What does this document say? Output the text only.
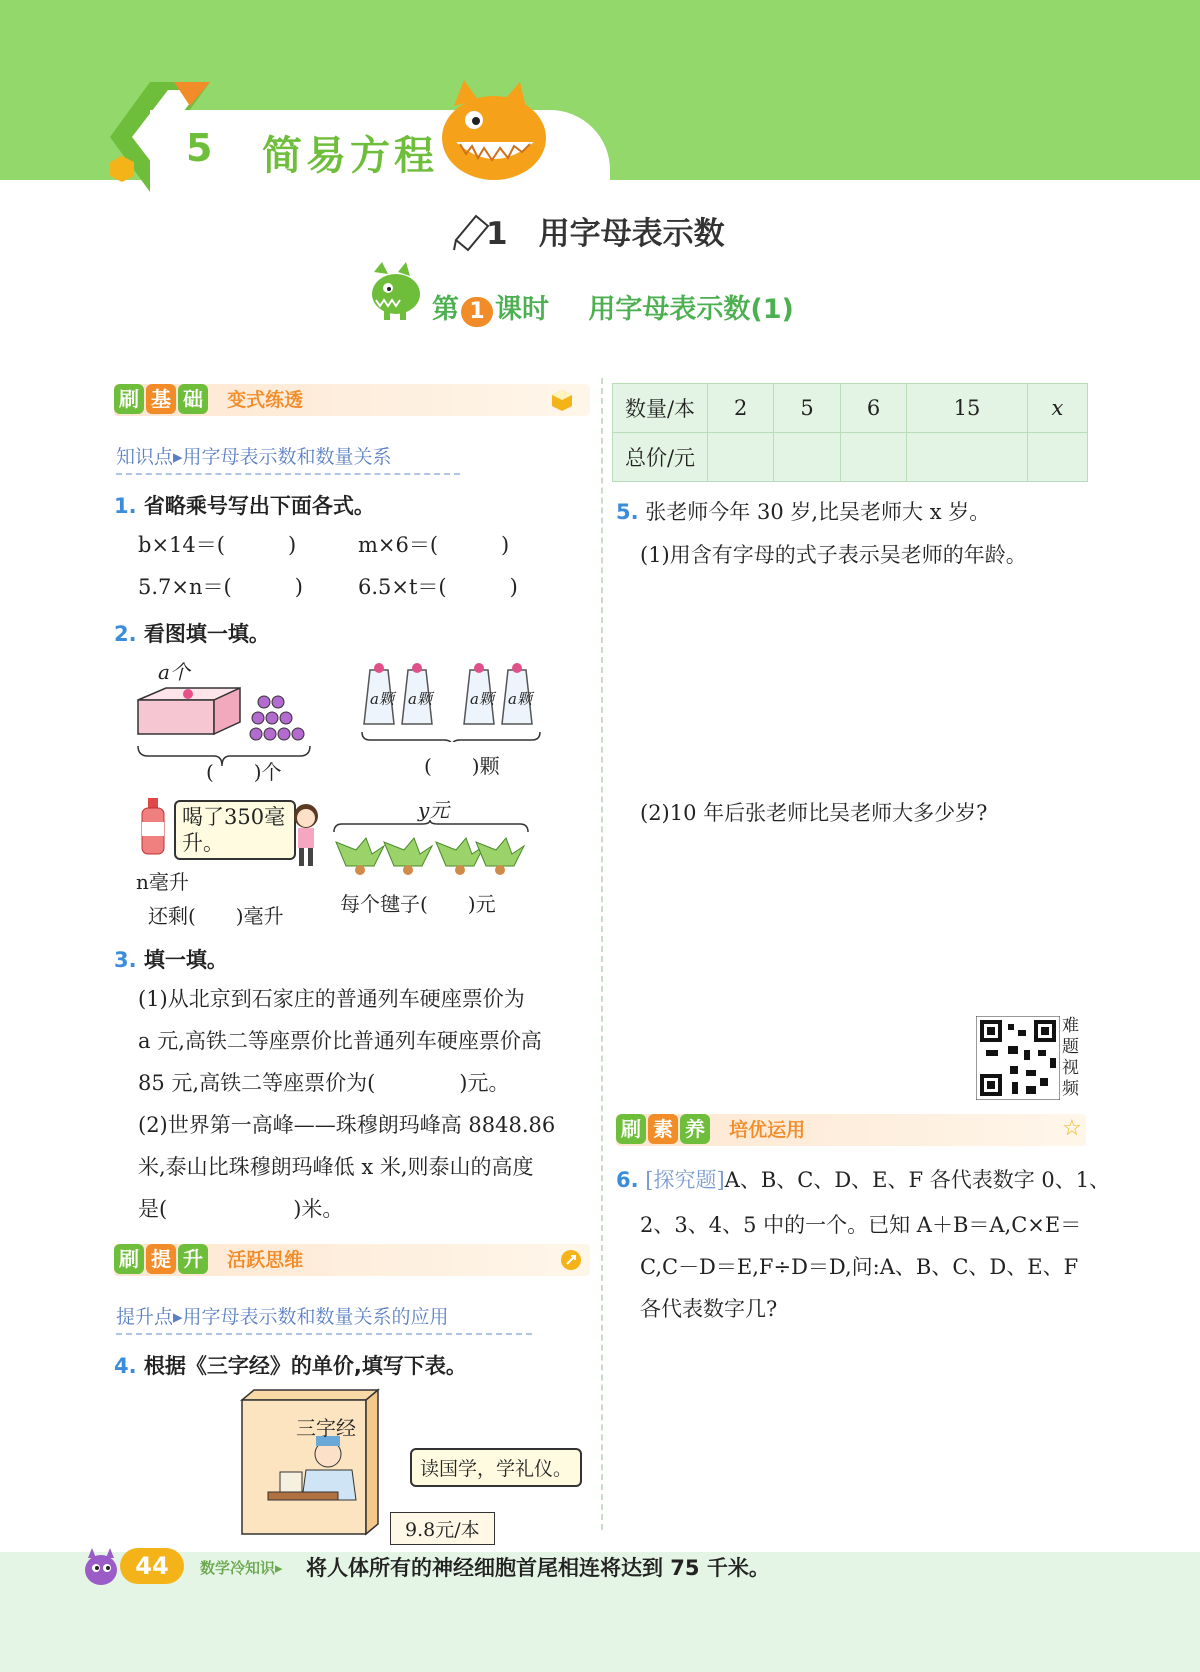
5 简易方程
1　用字母表示数
第 1 课时 用字母表示数(1)
刷 基 础 变式练透
知识点▸用字母表示数和数量关系
1. 省略乘号写出下面各式。
b×14＝(　　　)	m×6＝(　　　)
5.7×n＝(　　　)	6.5×t＝(　　　)
2. 看图填一填。
a个
(　　)个
a颗 a颗	a颗 a颗
(　　)颗
喝了350毫升。
n毫升
还剩(　　)毫升
y元
每个毽子(　　)元
3. 填一填。
(1)从北京到石家庄的普通列车硬座票价为
a 元,高铁二等座票价比普通列车硬座票价高
85 元,高铁二等座票价为(　　　　)元。
(2)世界第一高峰——珠穆朗玛峰高 8848.86
米,泰山比珠穆朗玛峰低 x 米,则泰山的高度
是(　　　　　　)米。
刷 提 升 活跃思维
提升点▸用字母表示数和数量关系的应用
4. 根据《三字经》的单价,填写下表。
三字经
读国学，学礼仪。
9.8元/本
数量/本	2	5	6	15	x
总价/元					
5. 张老师今年 30 岁,比吴老师大 x 岁。
(1)用含有字母的式子表示吴老师的年龄。
(2)10 年后张老师比吴老师大多少岁?
难
题
视
频
刷 素 养 培优运用	☆
6. [探究题]A、B、C、D、E、F 各代表数字 0、1、
2、3、4、5 中的一个。已知 A＋B＝A,C×E＝
C,C－D＝E,F÷D＝D,问:A、B、C、D、E、F
各代表数字几?
44	数学冷知识▸ 将人体所有的神经细胞首尾相连将达到 75 千米。
